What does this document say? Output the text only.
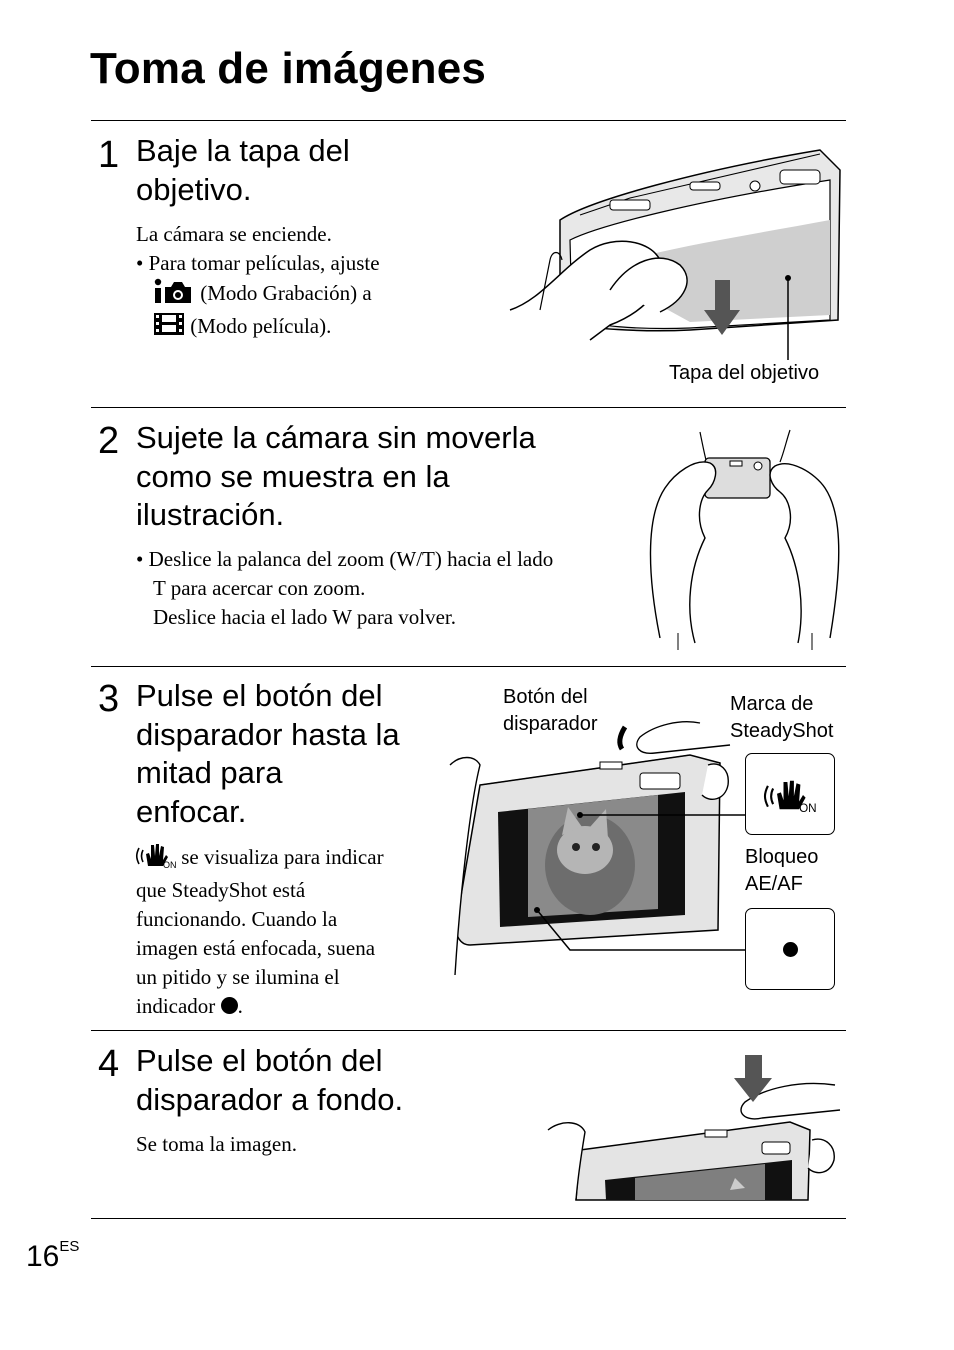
Toma de imágenes
1 Baje la tapa del
objetivo.
La cámara se enciende.
• Para tomar películas, ajuste
(Modo Grabación) a
(Modo película).
Tapa del objetivo
2 Sujete la cámara sin moverla
como se muestra en la
ilustración.
• Deslice la palanca del zoom (W/T) hacia el lado
T para acercar con zoom.
Deslice hacia el lado W para volver.
3 Pulse el botón del
disparador hasta la
mitad para
enfocar.
ON se visualiza para indicar
que SteadyShot está
funcionando. Cuando la
imagen está enfocada, suena
un pitido y se ilumina el
indicador .
Botón del
disparador
Marca de
SteadyShot
Bloqueo
AE/AF
ON
4 Pulse el botón del
disparador a fondo.
Se toma la imagen.
$16^{ES}$
